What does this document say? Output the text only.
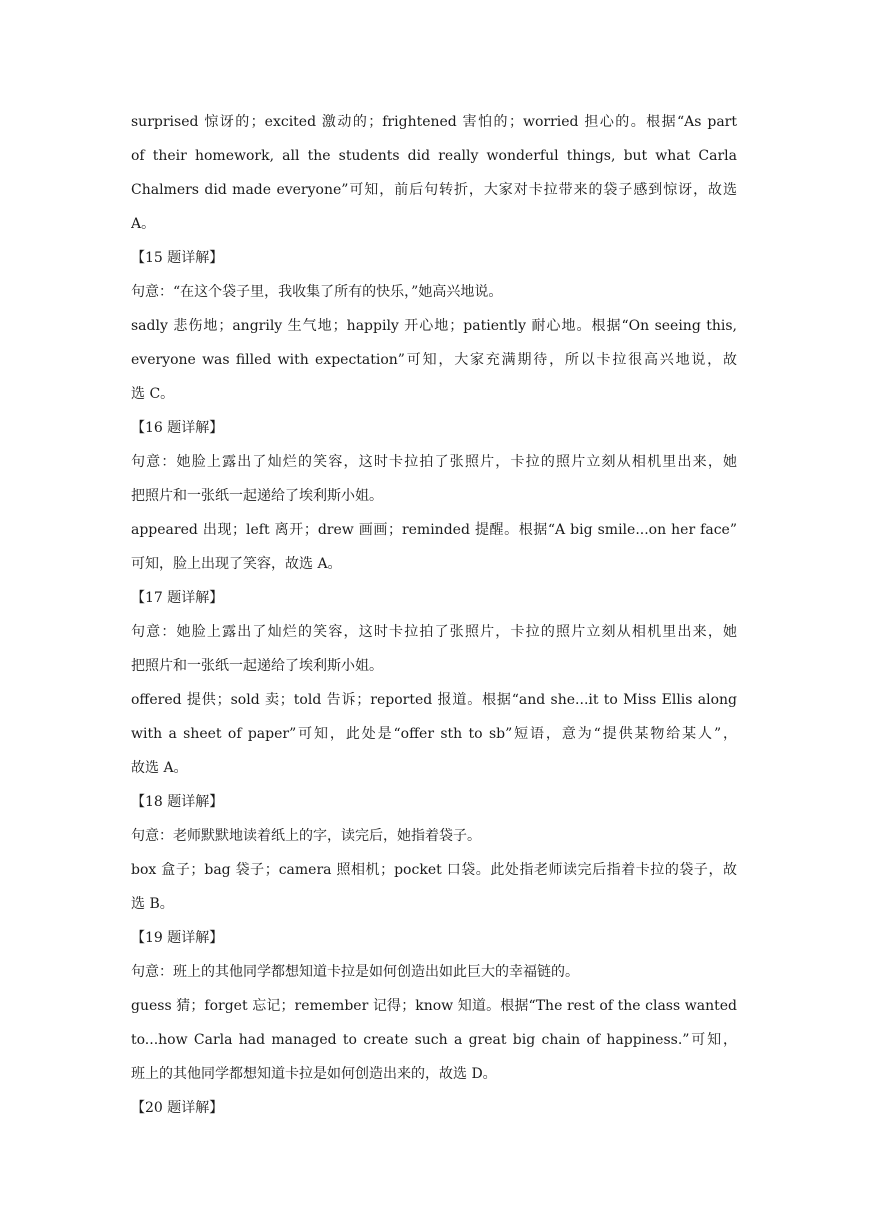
surprised 惊讶的；excited 激动的；frightened 害怕的；worried 担心的。根据“As part
of their homework, all the students did really wonderful things, but what Carla
Chalmers did made everyone”可知，前后句转折，大家对卡拉带来的袋子感到惊讶，故选
A。
【15 题详解】
句意：“在这个袋子里，我收集了所有的快乐，”她高兴地说。
sadly 悲伤地；angrily 生气地；happily 开心地；patiently 耐心地。根据“On seeing this,
everyone was filled with expectation”可知，大家充满期待，所以卡拉很高兴地说，故
选 C。
【16 题详解】
句意：她脸上露出了灿烂的笑容，这时卡拉拍了张照片，卡拉的照片立刻从相机里出来，她
把照片和一张纸一起递给了埃利斯小姐。
appeared 出现；left 离开；drew 画画；reminded 提醒。根据“A big smile...on her face”
可知，脸上出现了笑容，故选 A。
【17 题详解】
句意：她脸上露出了灿烂的笑容，这时卡拉拍了张照片，卡拉的照片立刻从相机里出来，她
把照片和一张纸一起递给了埃利斯小姐。
offered 提供；sold 卖；told 告诉；reported 报道。根据“and she...it to Miss Ellis along
with a sheet of paper”可知，此处是“offer sth to sb”短语，意为“提供某物给某人”，
故选 A。
【18 题详解】
句意：老师默默地读着纸上的字，读完后，她指着袋子。
box 盒子；bag 袋子；camera 照相机；pocket 口袋。此处指老师读完后指着卡拉的袋子，故
选 B。
【19 题详解】
句意：班上的其他同学都想知道卡拉是如何创造出如此巨大的幸福链的。
guess 猜；forget 忘记；remember 记得；know 知道。根据“The rest of the class wanted
to...how Carla had managed to create such a great big chain of happiness.”可知，
班上的其他同学都想知道卡拉是如何创造出来的，故选 D。
【20 题详解】
